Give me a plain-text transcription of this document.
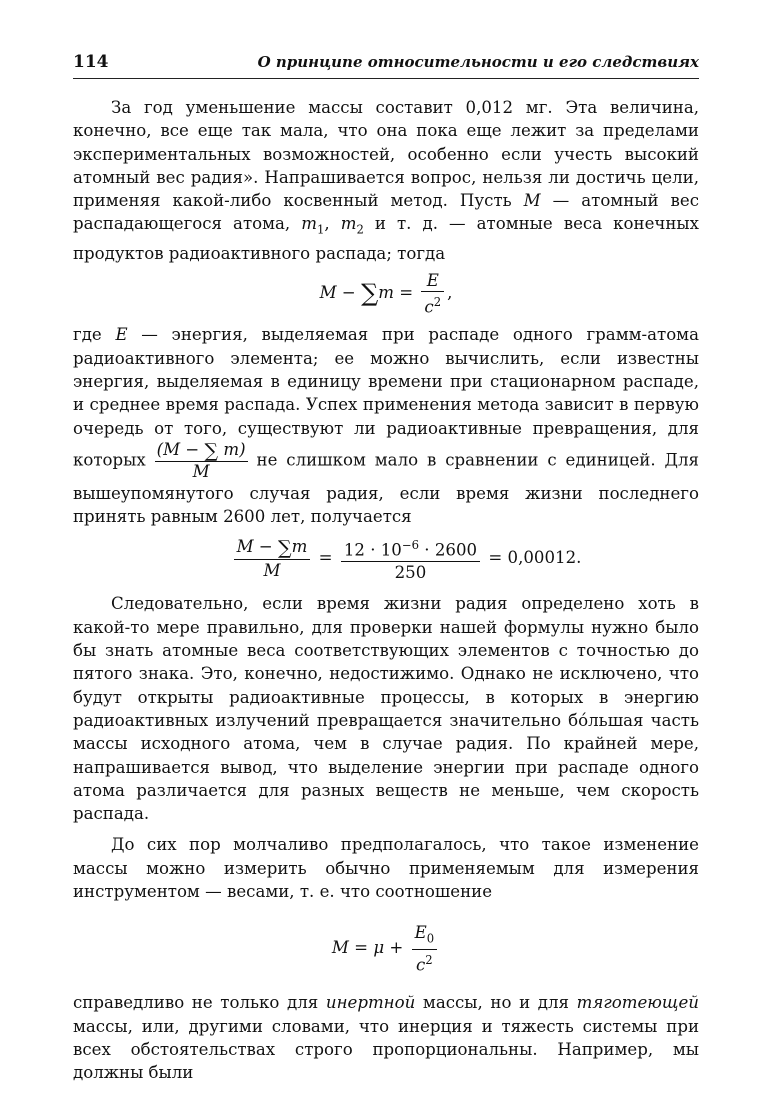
114	О принципе относительности и его следствиях

За год уменьшение массы составит 0,012 мг. Эта величина, конечно, все еще так мала, что она пока еще лежит за пределами экспериментальных возможностей, особенно если учесть высокий атомный вес радия». Напрашивается вопрос, нельзя ли достичь цели, применяя какой-либо косвенный метод. Пусть M — атомный вес распадающегося атома, $m_1$, $m_2$ и т. д. — атомные веса конечных продуктов радиоактивного распада; тогда

$M - \sum m = \frac{E}{c^2}$ ,

где E — энергия, выделяемая при распаде одного грамм-атома радиоактивного элемента; ее можно вычислить, если известны энергия, выделяемая в единицу времени при стационарном распаде, и среднее время распада. Успех применения метода зависит в первую очередь от того, существуют ли радиоактивные превращения, для которых $\frac{(M - \sum m)}{M}$ не слишком мало в сравнении с единицей. Для вышеупомянутого случая радия, если время жизни последнего принять равным 2600 лет, получается

$\frac{M - \sum m}{M} = \frac{12 \cdot 10^{-6} \cdot 2600}{250} = 0,00012$.

Следовательно, если время жизни радия определено хоть в какой-то мере правильно, для проверки нашей формулы нужно было бы знать атомные веса соответствующих элементов с точностью до пятого знака. Это, конечно, недостижимо. Однако не исключено, что будут открыты радиоактивные процессы, в которых в энергию радиоактивных излучений превращается значительно бо́льшая часть массы исходного атома, чем в случае радия. По крайней мере, напрашивается вывод, что выделение энергии при распаде одного атома различается для разных веществ не меньше, чем скорость распада.

До сих пор молчаливо предполагалось, что такое изменение массы можно измерить обычно применяемым для измерения инструментом — весами, т. е. что соотношение

$M = \mu + \frac{E_0}{c^2}$

справедливо не только для инертной массы, но и для тяготеющей массы, или, другими словами, что инерция и тяжесть системы при всех обстоятельствах строго пропорциональны. Например, мы должны были
